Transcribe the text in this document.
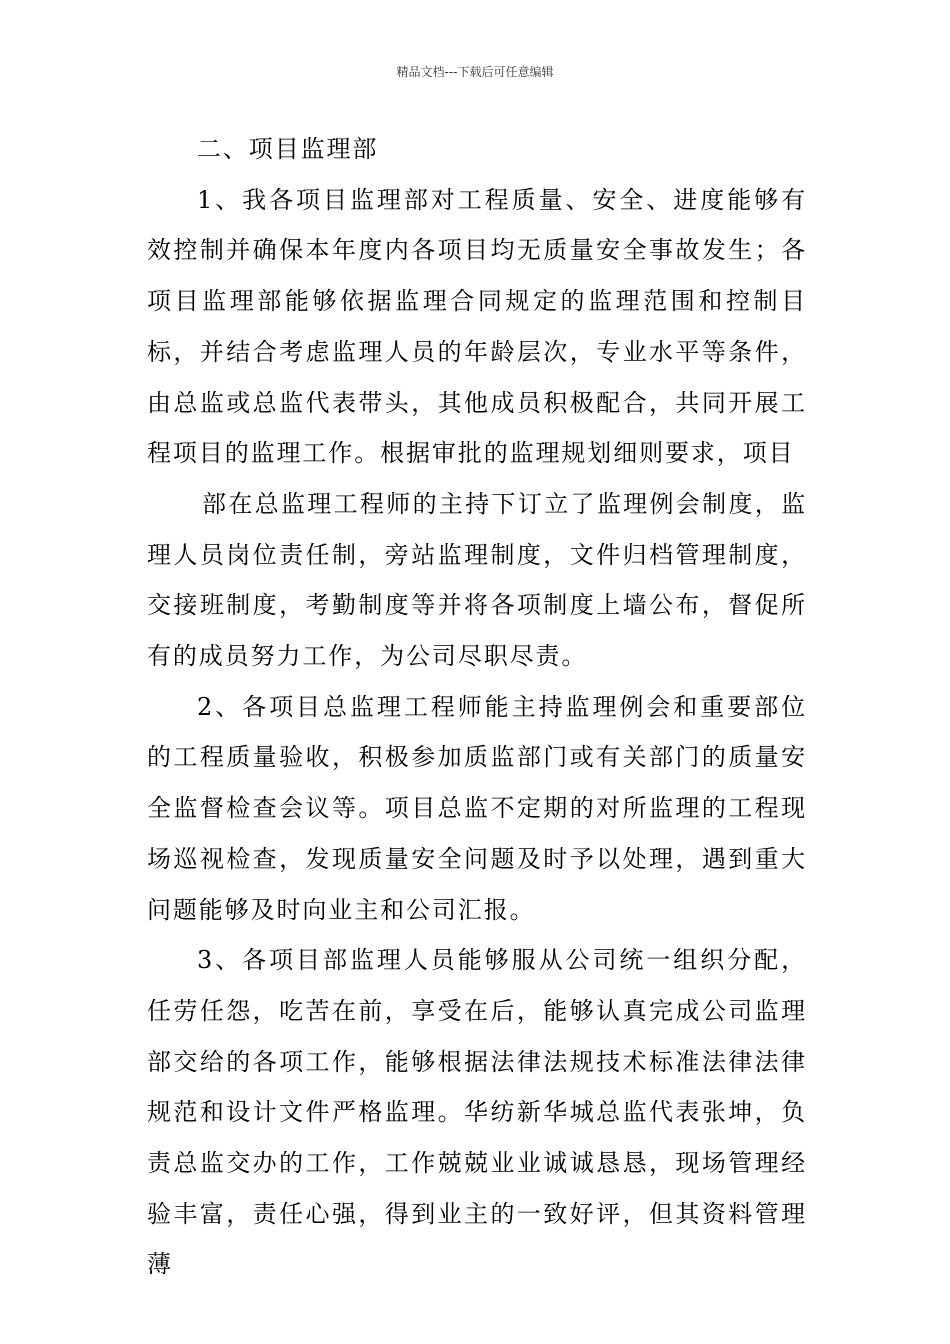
精品文档---下载后可任意编辑

二、项目监理部

1、我各项目监理部对工程质量、安全、进度能够有效控制并确保本年度内各项目均无质量安全事故发生；各项目监理部能够依据监理合同规定的监理范围和控制目标，并结合考虑监理人员的年龄层次，专业水平等条件，由总监或总监代表带头，其他成员积极配合，共同开展工程项目的监理工作。根据审批的监理规划细则要求，项目

部在总监理工程师的主持下订立了监理例会制度，监理人员岗位责任制，旁站监理制度，文件归档管理制度，交接班制度，考勤制度等并将各项制度上墙公布，督促所有的成员努力工作，为公司尽职尽责。

2、各项目总监理工程师能主持监理例会和重要部位的工程质量验收，积极参加质监部门或有关部门的质量安全监督检查会议等。项目总监不定期的对所监理的工程现场巡视检查，发现质量安全问题及时予以处理，遇到重大问题能够及时向业主和公司汇报。

3、各项目部监理人员能够服从公司统一组织分配，任劳任怨，吃苦在前，享受在后，能够认真完成公司监理部交给的各项工作，能够根据法律法规技术标准法律法律规范和设计文件严格监理。华纺新华城总监代表张坤，负责总监交办的工作，工作兢兢业业诚诚恳恳，现场管理经验丰富，责任心强，得到业主的一致好评，但其资料管理薄
